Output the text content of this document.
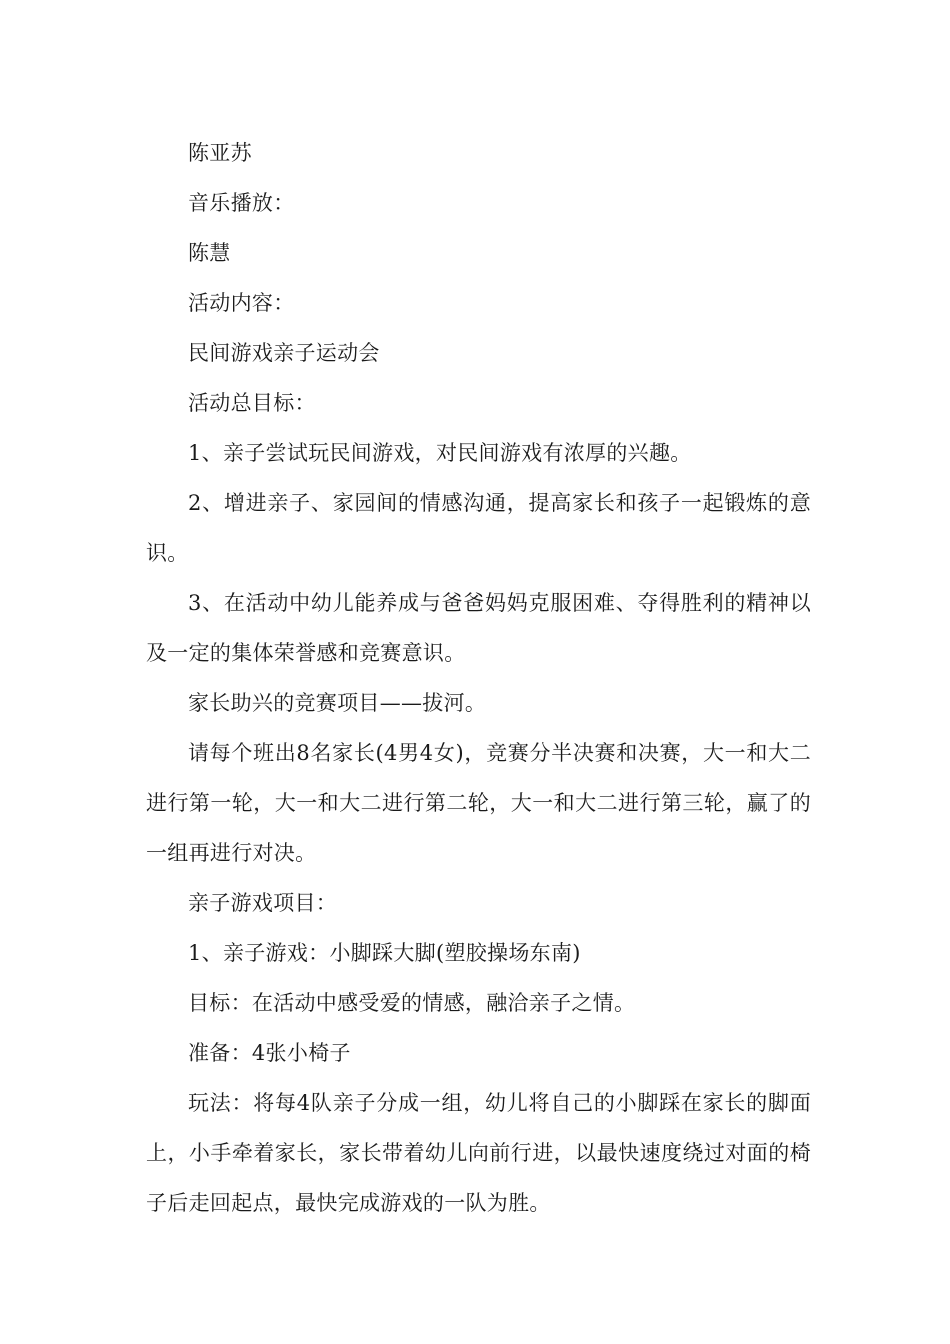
陈亚苏

音乐播放：

陈慧

活动内容：

民间游戏亲子运动会

活动总目标：

1、亲子尝试玩民间游戏，对民间游戏有浓厚的兴趣。

2、增进亲子、家园间的情感沟通，提高家长和孩子一起锻炼的意识。

3、在活动中幼儿能养成与爸爸妈妈克服困难、夺得胜利的精神以及一定的集体荣誉感和竞赛意识。

家长助兴的竞赛项目——拔河。

请每个班出8名家长(4男4女)，竞赛分半决赛和决赛，大一和大二进行第一轮，大一和大二进行第二轮，大一和大二进行第三轮，赢了的一组再进行对决。

亲子游戏项目：

1、亲子游戏：小脚踩大脚(塑胶操场东南)

目标：在活动中感受爱的情感，融洽亲子之情。

准备：4张小椅子

玩法：将每4队亲子分成一组，幼儿将自己的小脚踩在家长的脚面上，小手牵着家长，家长带着幼儿向前行进，以最快速度绕过对面的椅子后走回起点，最快完成游戏的一队为胜。
